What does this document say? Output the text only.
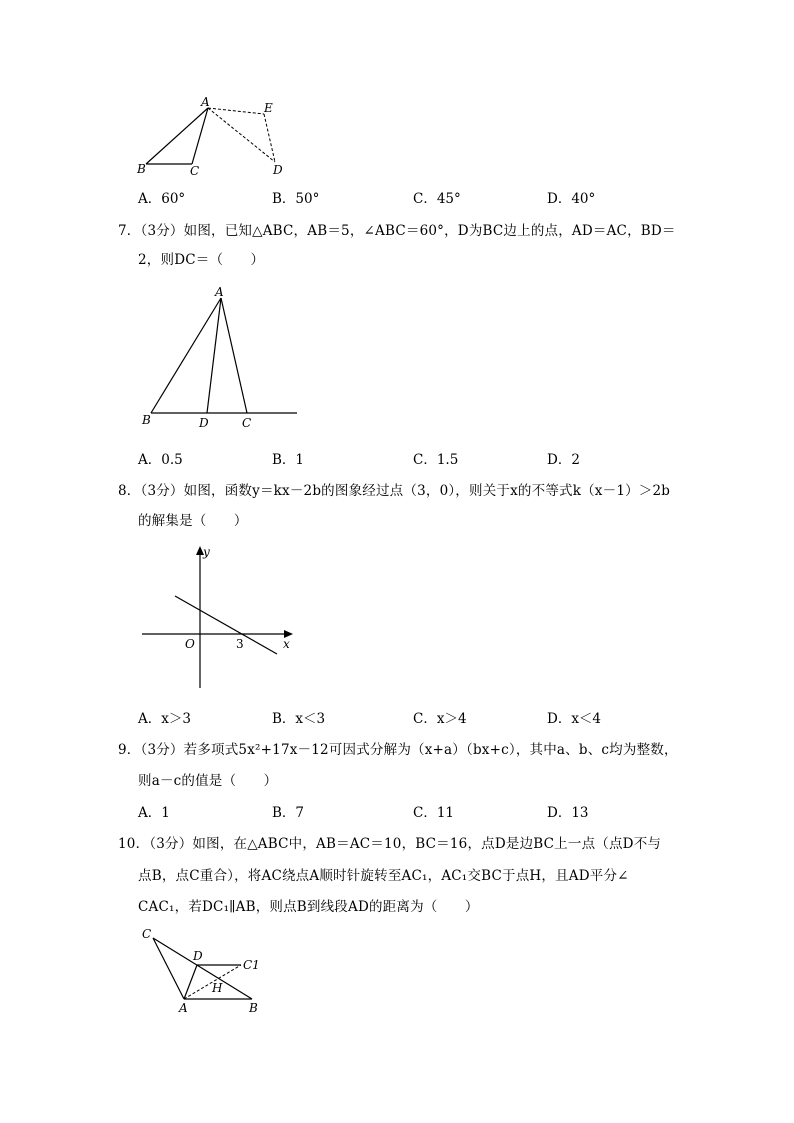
A	E
B	C	D
A．60°	B．50°	C．45°	D．40°
7．（3分）如图，已知△ABC，AB＝5，∠ABC＝60°，D为BC边上的点，AD＝AC，BD＝
2，则DC＝（　　）
A
B	D	C
A．0.5	B．1	C．1.5	D．2
8．（3分）如图，函数y＝kx－2b的图象经过点（3，0），则关于x的不等式k（x－1）＞2b
的解集是（　　）
y
O	3	x
A．x＞3	B．x＜3	C．x＞4	D．x＜4
9．（3分）若多项式5x²+17x－12可因式分解为（x+a）（bx+c），其中a、b、c均为整数，
则a－c的值是（　　）
A．1	B．7	C．11	D．13
10．（3分）如图，在△ABC中，AB＝AC＝10，BC＝16，点D是边BC上一点（点D不与
点B，点C重合），将AC绕点A顺时针旋转至AC₁，AC₁交BC于点H，且AD平分∠
CAC₁，若DC₁∥AB，则点B到线段AD的距离为（　　）
C
D
C1
H
A	B
